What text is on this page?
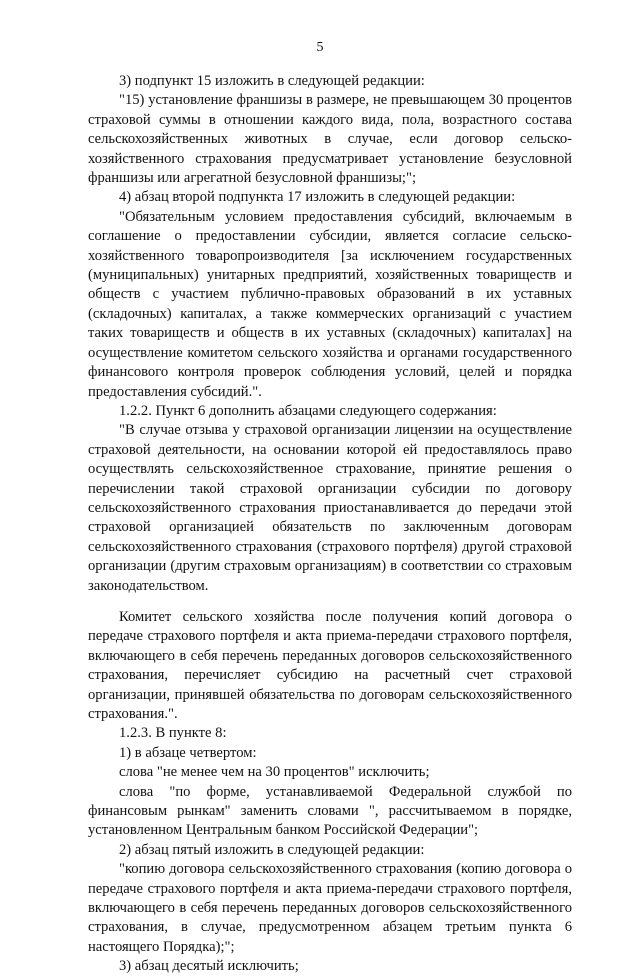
5

3) подпункт 15 изложить в следующей редакции:

"15) установление франшизы в размере, не превышающем 30 процентов страховой суммы в отношении каждого вида, пола, возрастного состава сельскохозяйственных животных в случае, если договор сельско-хозяйственного страхования предусматривает установление безусловной франшизы или агрегатной безусловной франшизы;";

4) абзац второй подпункта 17 изложить в следующей редакции:

"Обязательным условием предоставления субсидий, включаемым в соглашение о предоставлении субсидии, является согласие сельско-хозяйственного товаропроизводителя [за исключением государственных (муниципальных) унитарных предприятий, хозяйственных товариществ и обществ с участием публично-правовых образований в их уставных (складочных) капиталах, а также коммерческих организаций с участием таких товариществ и обществ в их уставных (складочных) капиталах] на осуществление комитетом сельского хозяйства и органами государственного финансового контроля проверок соблюдения условий, целей и порядка предоставления субсидий.".

1.2.2. Пункт 6 дополнить абзацами следующего содержания:

"В случае отзыва у страховой организации лицензии на осуществление страховой деятельности, на основании которой ей предоставлялось право осуществлять сельскохозяйственное страхование, принятие решения о перечислении такой страховой организации субсидии по договору сельскохозяйственного страхования приостанавливается до передачи этой страховой организацией обязательств по заключенным договорам сельскохозяйственного страхования (страхового портфеля) другой страховой организации (другим страховым организациям) в соответствии со страховым законодательством.

Комитет сельского хозяйства после получения копий договора о передаче страхового портфеля и акта приема-передачи страхового портфеля, включающего в себя перечень переданных договоров сельскохозяйственного страхования, перечисляет субсидию на расчетный счет страховой организации, принявшей обязательства по договорам сельскохозяйственного страхования.".

1.2.3. В пункте 8:

1) в абзаце четвертом:

слова "не менее чем на 30 процентов" исключить;

слова "по форме, устанавливаемой Федеральной службой по финансовым рынкам" заменить словами ", рассчитываемом в порядке, установленном Центральным банком Российской Федерации";

2) абзац пятый изложить в следующей редакции:

"копию договора сельскохозяйственного страхования (копию договора о передаче страхового портфеля и акта приема-передачи страхового портфеля, включающего в себя перечень переданных договоров сельскохозяйственного страхования, в случае, предусмотренном абзацем третьим пункта 6 настоящего Порядка);";

3) абзац десятый исключить;
